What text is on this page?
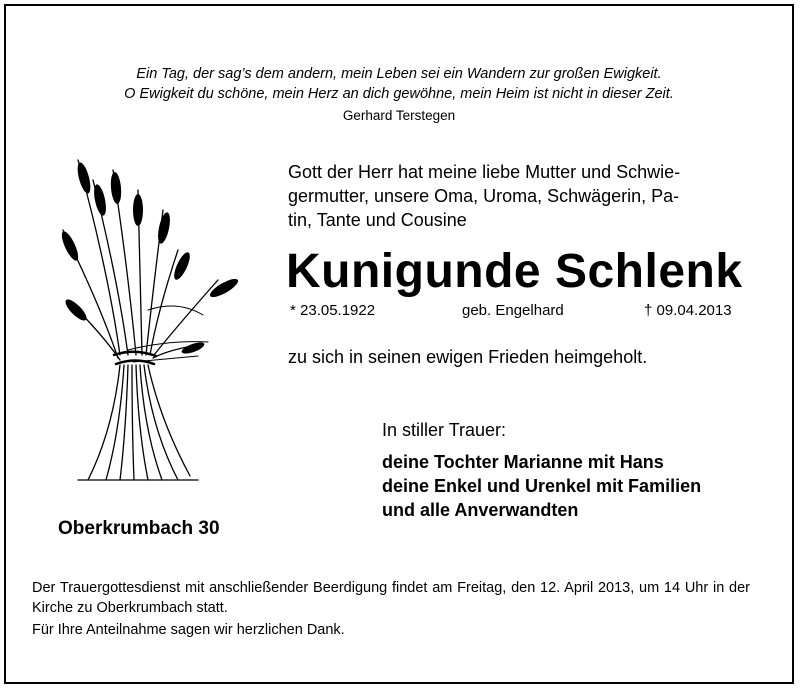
Ein Tag, der sag’s dem andern, mein Leben sei ein Wandern zur großen Ewigkeit.

O Ewigkeit du schöne, mein Herz an dich gewöhne, mein Heim ist nicht in dieser Zeit.

Gerhard Terstegen

Gott der Herr hat meine liebe Mutter und Schwie-
germutter, unsere Oma, Uroma, Schwägerin, Pa-
tin, Tante und Cousine
Kunigunde Schlenk
* 23.05.1922	geb. Engelhard	† 09.04.2013

zu sich in seinen ewigen Frieden heimgeholt.

In stiller Trauer:

deine Tochter Marianne mit Hans
deine Enkel und Urenkel mit Familien
und alle Anverwandten

Oberkrumbach 30

Der Trauergottesdienst mit anschließender Beerdigung findet am Freitag, den 12. April 2013, um 14 Uhr in der Kirche zu Oberkrumbach statt.

Für Ihre Anteilnahme sagen wir herzlichen Dank.
